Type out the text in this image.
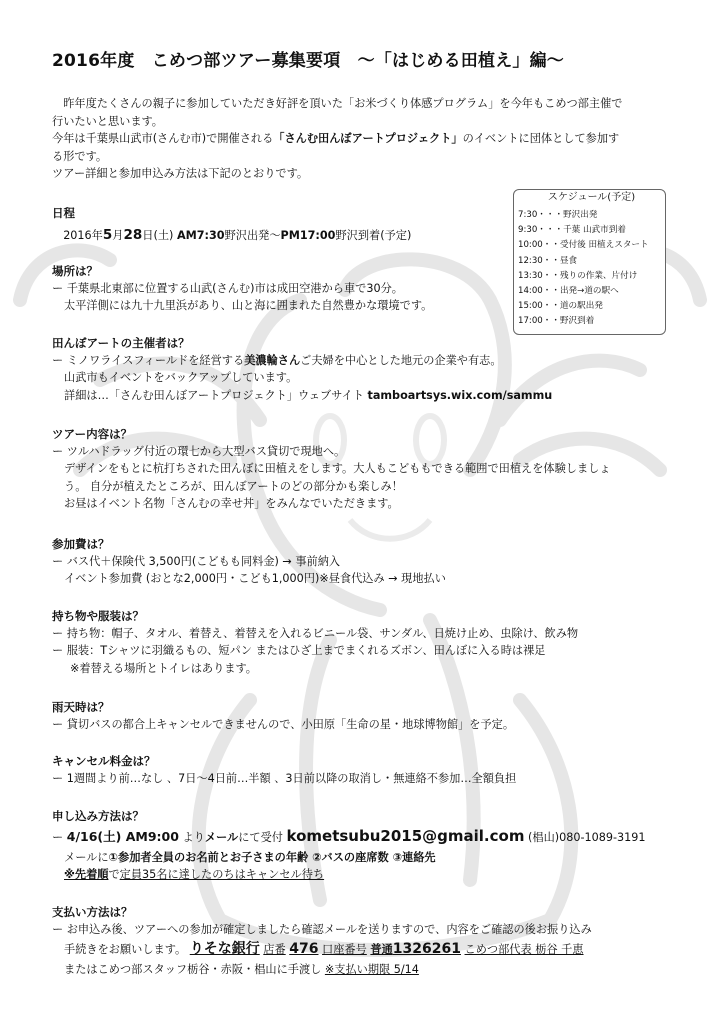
2016年度　こめつ部ツアー募集要項　〜「はじめる田植え」編〜

　昨年度たくさんの親子に参加していただき好評を頂いた「お米づくり体感プログラム」を今年もこめつ部主催で

行いたいと思います。

今年は千葉県山武市(さんむ市)で開催される「さんむ田んぼアートプロジェクト」のイベントに団体として参加す

る形です。

ツアー詳細と参加申込み方法は下記のとおりです。

スケジュール(予定)
7:30・・・野沢出発
9:30・・・千葉 山武市到着
10:00・・受付後 田植えスタート
12:30・・昼食
13:30・・残りの作業、片付け
14:00・・出発→道の駅へ
15:00・・道の駅出発
17:00・・野沢到着

日程

　2016年5月28日(土) AM7:30野沢出発〜PM17:00野沢到着(予定)

場所は？

ー 千葉県北東部に位置する山武(さんむ)市は成田空港から車で30分。
太平洋側には九十九里浜があり、山と海に囲まれた自然豊かな環境です。

田んぼアートの主催者は？

ー ミノワライスフィールドを経営する美濃輪さんご夫婦を中心とした地元の企業や有志。
山武市もイベントをバックアップしています。
詳細は…「さんむ田んぼアートプロジェクト」ウェブサイト tamboartsys.wix.com/sammu

ツアー内容は？

ー ツルハドラッグ付近の環七から大型バス貸切で現地へ。
デザインをもとに杭打ちされた田んぼに田植えをします。大人もこどももできる範囲で田植えを体験しましょ
う。 自分が植えたところが、田んぼアートのどの部分かも楽しみ！
お昼はイベント名物「さんむの幸せ丼」をみんなでいただきます。

参加費は？

ー バス代＋保険代 3,500円(こどもも同料金) → 事前納入
イベント参加費 (おとな2,000円・こども1,000円)※昼食代込み → 現地払い

持ち物や服装は？

ー 持ち物：帽子、タオル、着替え、着替えを入れるビニール袋、サンダル、日焼け止め、虫除け、飲み物
ー 服装：Tシャツに羽織るもの、短パン またはひざ上までまくれるズボン、田んぼに入る時は裸足
※着替える場所とトイレはあります。

雨天時は？

ー 貸切バスの都合上キャンセルできませんので、小田原「生命の星・地球博物館」を予定。

キャンセル料金は？

ー 1週間より前…なし 、7日〜4日前…半額 、3日前以降の取消し・無連絡不参加…全額負担

申し込み方法は？

ー 4/16(土) AM9:00 よりメールにて受付 kometsubu2015@gmail.com (椙山)080-1089-3191
メールに①参加者全員のお名前とお子さまの年齢 ②バスの座席数 ③連絡先
※先着順で定員35名に達したのちはキャンセル待ち

支払い方法は？

ー お申込み後、ツアーへの参加が確定しましたら確認メールを送りますので、内容をご確認の後お振り込み
手続きをお願いします。 りそな銀行 店番 476 口座番号 普通1326261 こめつ部代表 栃谷 千恵
またはこめつ部スタッフ栃谷・赤阪・椙山に手渡し ※支払い期限 5/14
